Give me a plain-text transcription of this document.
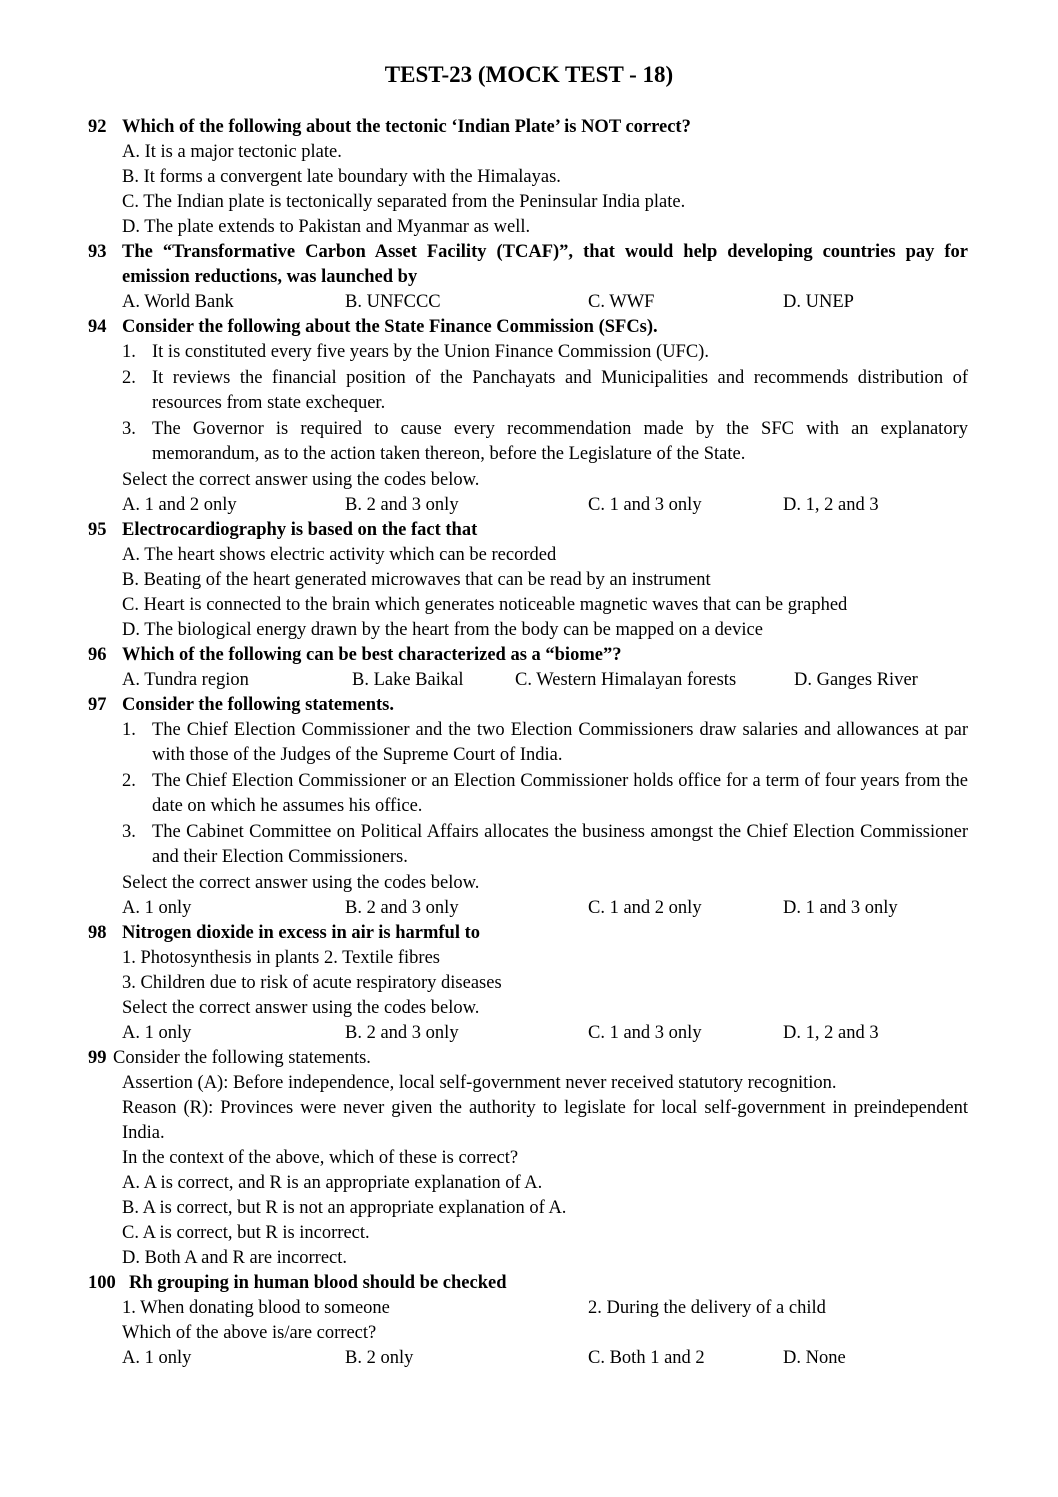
TEST-23 (MOCK TEST - 18)
92 Which of the following about the tectonic ‘Indian Plate’ is NOT correct?
A. It is a major tectonic plate.
B. It forms a convergent late boundary with the Himalayas.
C. The Indian plate is tectonically separated from the Peninsular India plate.
D. The plate extends to Pakistan and Myanmar as well.
93 The “Transformative Carbon Asset Facility (TCAF)”, that would help developing countries pay for emission reductions, was launched by
A. World Bank	B. UNFCCC	C. WWF	D. UNEP
94 Consider the following about the State Finance Commission (SFCs).
1. It is constituted every five years by the Union Finance Commission (UFC).
2. It reviews the financial position of the Panchayats and Municipalities and recommends distribution of resources from state exchequer.
3. The Governor is required to cause every recommendation made by the SFC with an explanatory memorandum, as to the action taken thereon, before the Legislature of the State.
Select the correct answer using the codes below.
A. 1 and 2 only	B. 2 and 3 only	C. 1 and 3 only	D. 1, 2 and 3
95 Electrocardiography is based on the fact that
A. The heart shows electric activity which can be recorded
B. Beating of the heart generated microwaves that can be read by an instrument
C. Heart is connected to the brain which generates noticeable magnetic waves that can be graphed
D. The biological energy drawn by the heart from the body can be mapped on a device
96 Which of the following can be best characterized as a “biome”?
A. Tundra region	B. Lake Baikal	C. Western Himalayan forests	D. Ganges River
97 Consider the following statements.
1. The Chief Election Commissioner and the two Election Commissioners draw salaries and allowances at par with those of the Judges of the Supreme Court of India.
2. The Chief Election Commissioner or an Election Commissioner holds office for a term of four years from the date on which he assumes his office.
3. The Cabinet Committee on Political Affairs allocates the business amongst the Chief Election Commissioner and their Election Commissioners.
Select the correct answer using the codes below.
A. 1 only	B. 2 and 3 only	C. 1 and 2 only	D. 1 and 3 only
98 Nitrogen dioxide in excess in air is harmful to
1. Photosynthesis in plants 2. Textile fibres
3. Children due to risk of acute respiratory diseases
Select the correct answer using the codes below.
A. 1 only	B. 2 and 3 only	C. 1 and 3 only	D. 1, 2 and 3
99 Consider the following statements.
Assertion (A): Before independence, local self-government never received statutory recognition.
Reason (R): Provinces were never given the authority to legislate for local self-government in preindependent India.
In the context of the above, which of these is correct?
A. A is correct, and R is an appropriate explanation of A.
B. A is correct, but R is not an appropriate explanation of A.
C. A is correct, but R is incorrect.
D. Both A and R are incorrect.
100 Rh grouping in human blood should be checked
1. When donating blood to someone	2. During the delivery of a child
Which of the above is/are correct?
A. 1 only	B. 2 only	C. Both 1 and 2	D. None
